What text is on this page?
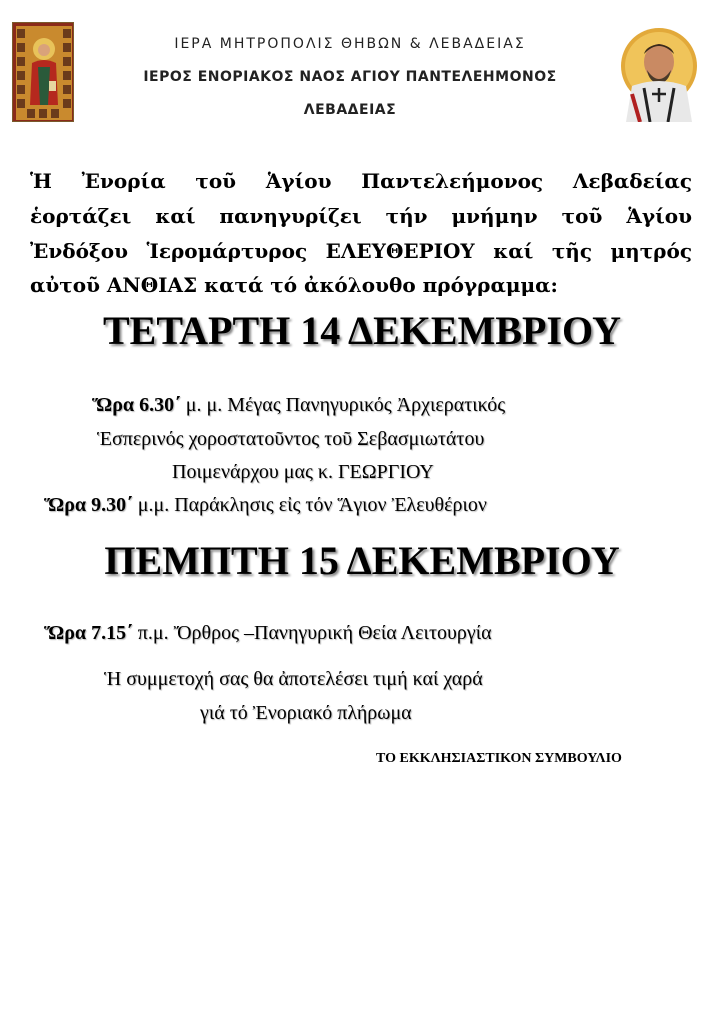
ΙΕΡΑ ΜΗΤΡΟΠΟΛΙΣ ΘΗΒΩΝ & ΛΕΒΑΔΕΙΑΣ
ΙΕΡΟΣ ΕΝΟΡΙΑΚΟΣ ΝΑΟΣ ΑΓΙΟΥ ΠΑΝΤΕΛΕΗΜΟΝΟΣ
ΛΕΒΑΔΕΙΑΣ
Ἡ Ἐνορία τοῦ Ἁγίου Παντελεήμονος Λεβαδείας
ἑορτάζει καί πανηγυρίζει τήν μνήμην τοῦ Ἁγίου
Ἐνδόξου Ἱερομάρτυρος ΕΛΕΥΘΕΡΙΟΥ καί τῆς μητρός
αὐτοῦ ΑΝΘΙΑΣ κατά τό ἀκόλουθο πρόγραμμα:
ΤΕΤΑΡΤΗ 14 ΔΕΚΕΜΒΡΙΟΥ
Ὥρα 6.30΄ μ. μ. Μέγας Πανηγυρικός Ἀρχιερατικός
Ἑσπερινός χοροστατοῦντος τοῦ Σεβασμιωτάτου
Ποιμενάρχου μας κ. ΓΕΩΡΓΙΟΥ
Ὥρα 9.30΄ μ.μ. Παράκλησις εἰς τόν Ἅγιον Ἐλευθέριον
ΠΕΜΠΤΗ 15 ΔΕΚΕΜΒΡΙΟΥ
Ὥρα 7.15΄ π.μ. Ὄρθρος –Πανηγυρική Θεία Λειτουργία
Ἡ συμμετοχή σας θα ἀποτελέσει τιμή καί χαρά
γιά τό Ἐνοριακό πλήρωμα
ΤΟ ΕΚΚΛΗΣΙΑΣΤΙΚΟΝ ΣΥΜΒΟΥΛΙΟ
